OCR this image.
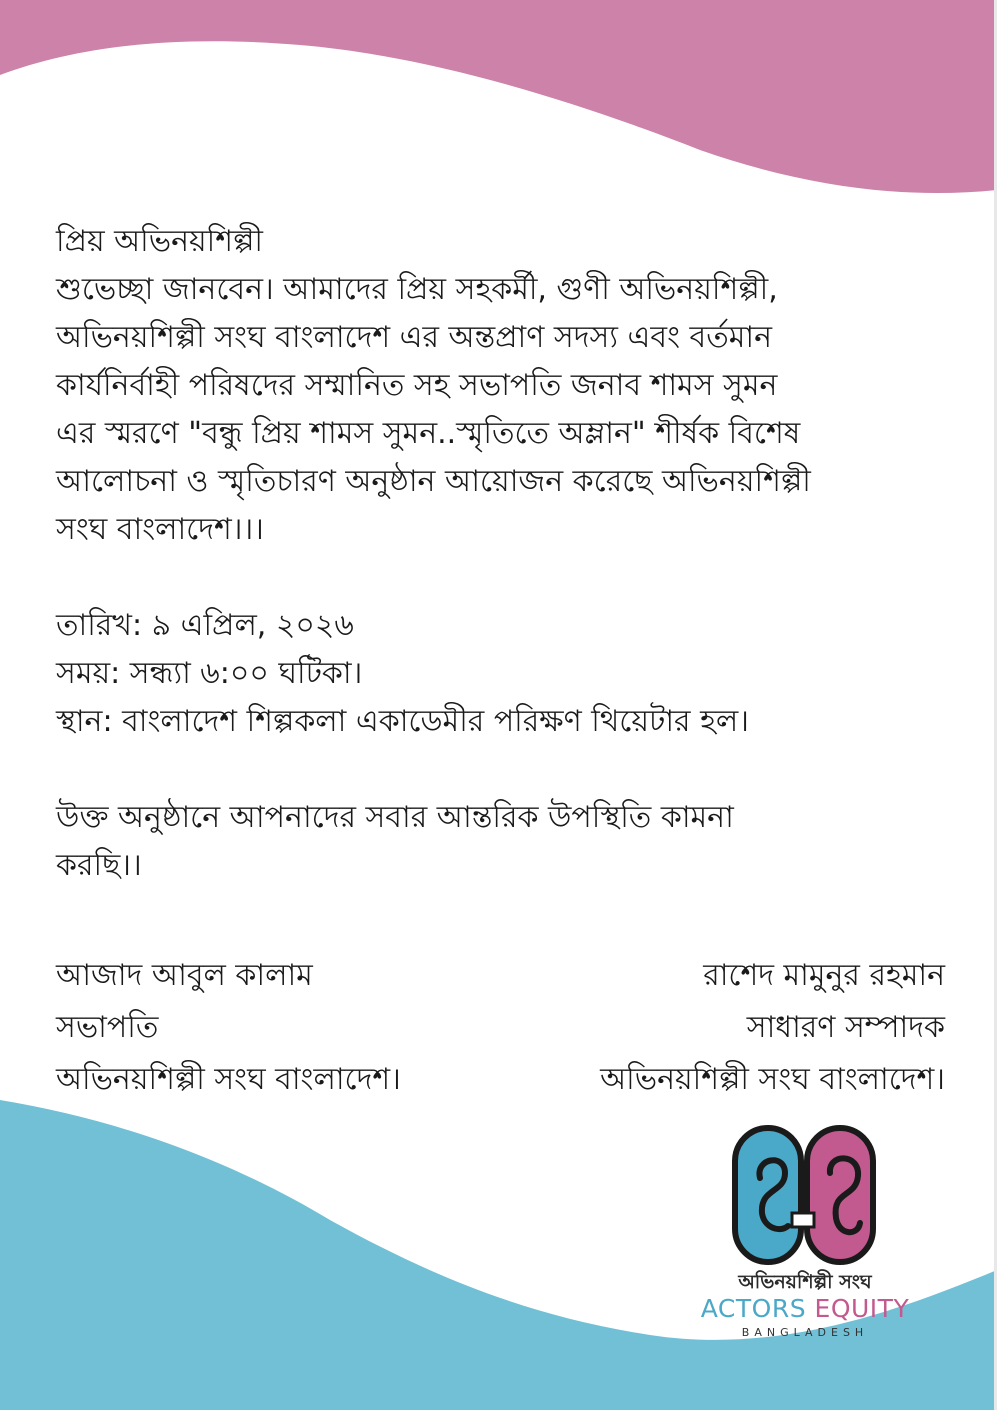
প্রিয় অভিনয়শিল্পী

শুভেচ্ছা জানবেন। আমাদের প্রিয় সহকর্মী, গুণী অভিনয়শিল্পী,

অভিনয়শিল্পী সংঘ বাংলাদেশ এর অন্তপ্রাণ সদস্য এবং বর্তমান

কার্যনির্বাহী পরিষদের সম্মানিত সহ সভাপতি জনাব শামস সুমন

এর স্মরণে "বন্ধু প্রিয় শামস সুমন..স্মৃতিতে অম্লান" শীর্ষক বিশেষ

আলোচনা ও স্মৃতিচারণ অনুষ্ঠান আয়োজন করেছে অভিনয়শিল্পী

সংঘ বাংলাদেশ।।।

তারিখ: ৯ এপ্রিল, ২০২৬

সময়: সন্ধ্যা ৬:০০ ঘটিকা।

স্থান: বাংলাদেশ শিল্পকলা একাডেমীর পরিক্ষণ থিয়েটার হল।

উক্ত অনুষ্ঠানে আপনাদের সবার আন্তরিক উপস্থিতি কামনা

করছি।।

আজাদ আবুল কালাম
সভাপতি
অভিনয়শিল্পী সংঘ বাংলাদেশ।
রাশেদ মামুনুর রহমান
সাধারণ সম্পাদক
অভিনয়শিল্পী সংঘ বাংলাদেশ।
অভিনয়শিল্পী সংঘ
ACTORS EQUITY
BANGLADESH
